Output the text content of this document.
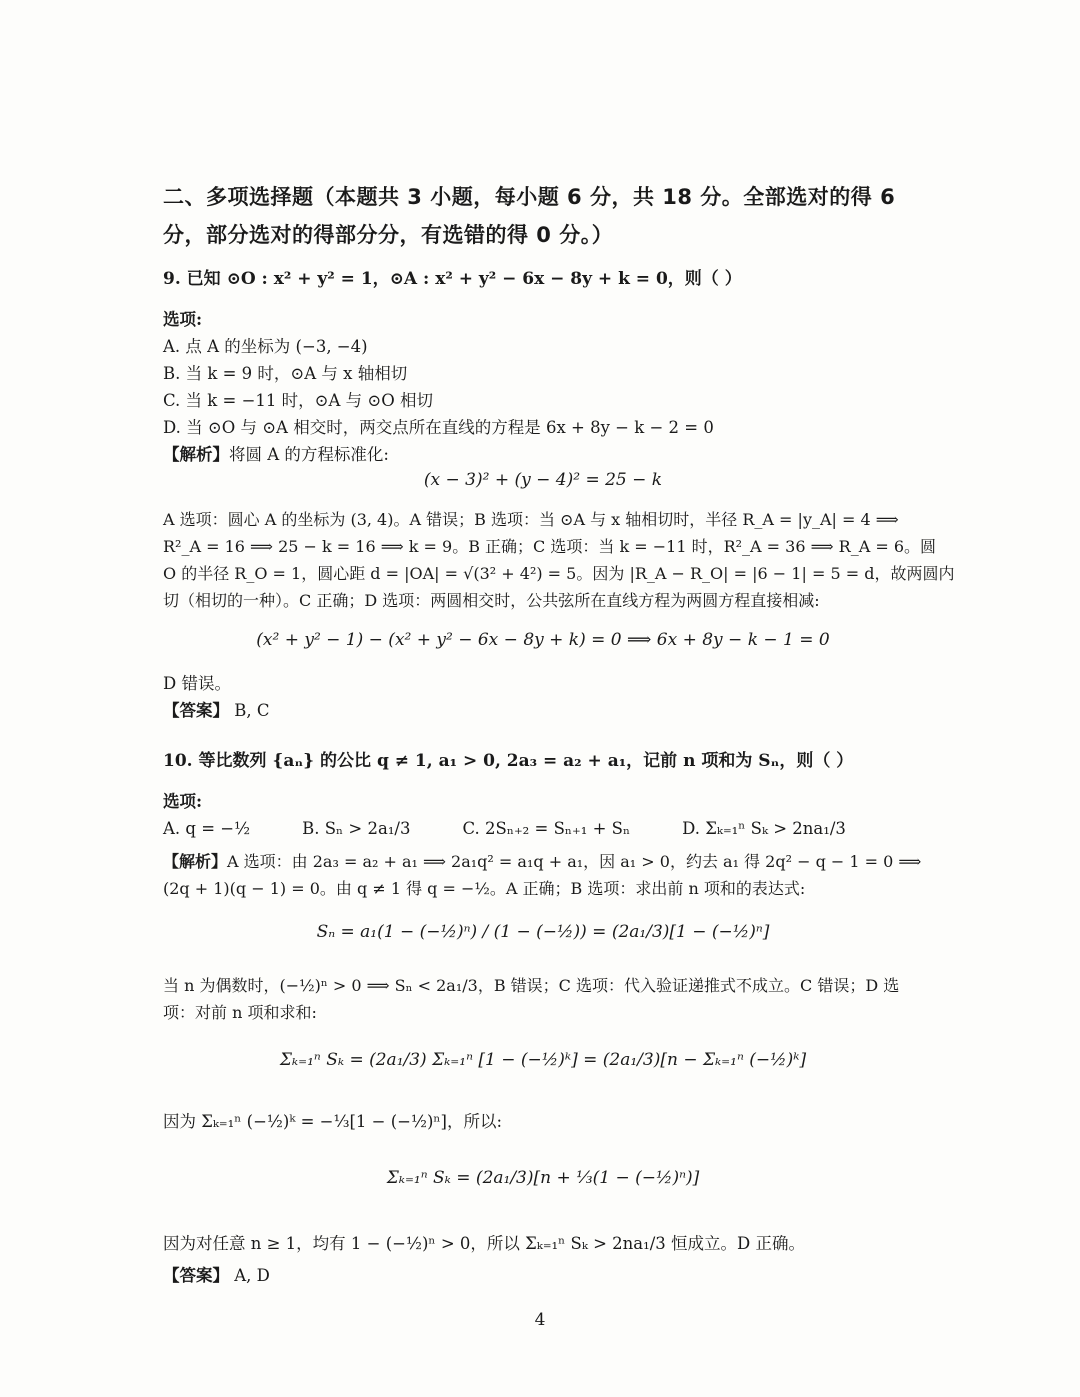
二、多项选择题（本题共 3 小题，每小题 6 分，共 18 分。全部选对的得 6
分，部分选对的得部分分，有选错的得 0 分。）
9. 已知 ⊙O : x² + y² = 1，⊙A : x² + y² − 6x − 8y + k = 0，则（ ）
选项:
A. 点 A 的坐标为 (−3, −4)
B. 当 k = 9 时，⊙A 与 x 轴相切
C. 当 k = −11 时，⊙A 与 ⊙O 相切
D. 当 ⊙O 与 ⊙A 相交时，两交点所在直线的方程是 6x + 8y − k − 2 = 0
【解析】将圆 A 的方程标准化:
(x − 3)² + (y − 4)² = 25 − k
A 选项：圆心 A 的坐标为 (3, 4)。A 错误；B 选项：当 ⊙A 与 x 轴相切时，半径 R_A = |y_A| = 4 ⟹
R²_A = 16 ⟹ 25 − k = 16 ⟹ k = 9。B 正确；C 选项：当 k = −11 时，R²_A = 36 ⟹ R_A = 6。圆
O 的半径 R_O = 1，圆心距 d = |OA| = √(3² + 4²) = 5。因为 |R_A − R_O| = |6 − 1| = 5 = d，故两圆内
切（相切的一种）。C 正确；D 选项：两圆相交时，公共弦所在直线方程为两圆方程直接相减:
(x² + y² − 1) − (x² + y² − 6x − 8y + k) = 0 ⟹ 6x + 8y − k − 1 = 0
D 错误。
【答案】 B, C
10. 等比数列 {aₙ} 的公比 q ≠ 1, a₁ > 0, 2a₃ = a₂ + a₁，记前 n 项和为 Sₙ，则（ ）
选项:
A. q = −½	B. Sₙ > 2a₁/3	C. 2Sₙ₊₂ = Sₙ₊₁ + Sₙ	D. Σₖ₌₁ⁿ Sₖ > 2na₁/3
【解析】A 选项：由 2a₃ = a₂ + a₁ ⟹ 2a₁q² = a₁q + a₁，因 a₁ > 0，约去 a₁ 得 2q² − q − 1 = 0 ⟹
(2q + 1)(q − 1) = 0。由 q ≠ 1 得 q = −½。A 正确；B 选项：求出前 n 项和的表达式:
Sₙ = a₁(1 − (−½)ⁿ) / (1 − (−½)) = (2a₁/3)[1 − (−½)ⁿ]
当 n 为偶数时，(−½)ⁿ > 0 ⟹ Sₙ < 2a₁/3，B 错误；C 选项：代入验证递推式不成立。C 错误；D 选
项：对前 n 项和求和:
Σₖ₌₁ⁿ Sₖ = (2a₁/3) Σₖ₌₁ⁿ [1 − (−½)ᵏ] = (2a₁/3)[n − Σₖ₌₁ⁿ (−½)ᵏ]
因为 Σₖ₌₁ⁿ (−½)ᵏ = −⅓[1 − (−½)ⁿ]，所以:
Σₖ₌₁ⁿ Sₖ = (2a₁/3)[n + ⅓(1 − (−½)ⁿ)]
因为对任意 n ≥ 1，均有 1 − (−½)ⁿ > 0，所以 Σₖ₌₁ⁿ Sₖ > 2na₁/3 恒成立。D 正确。
【答案】 A, D
4
